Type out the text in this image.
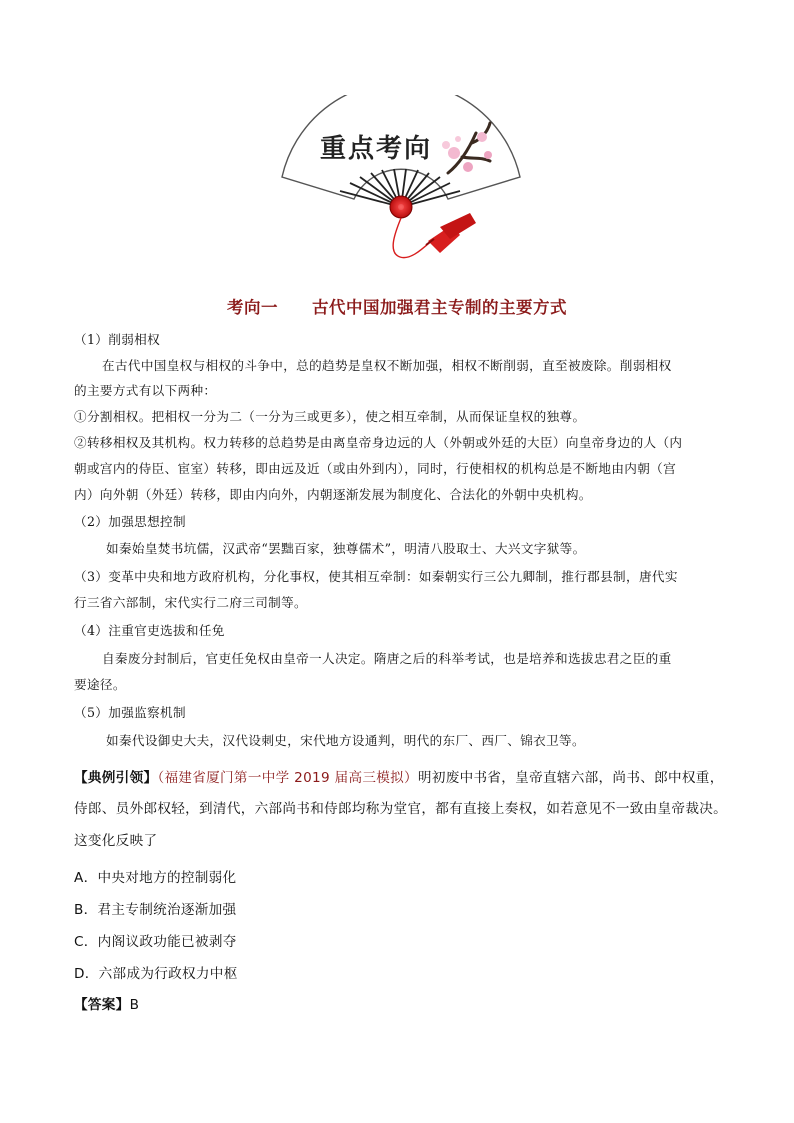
重点考向
考向一 古代中国加强君主专制的主要方式
（1）削弱相权
在古代中国皇权与相权的斗争中，总的趋势是皇权不断加强，相权不断削弱，直至被废除。削弱相权
的主要方式有以下两种：
①分割相权。把相权一分为二（一分为三或更多），使之相互牵制，从而保证皇权的独尊。
②转移相权及其机构。权力转移的总趋势是由离皇帝身边远的人（外朝或外廷的大臣）向皇帝身边的人（内
朝或宫内的侍臣、宦室）转移，即由远及近（或由外到内），同时，行使相权的机构总是不断地由内朝（宫
内）向外朝（外廷）转移，即由内向外，内朝逐渐发展为制度化、合法化的外朝中央机构。
（2）加强思想控制
如秦始皇焚书坑儒，汉武帝“罢黜百家，独尊儒术”，明清八股取士、大兴文字狱等。
（3）变革中央和地方政府机构，分化事权，使其相互牵制：如秦朝实行三公九卿制，推行郡县制，唐代实
行三省六部制，宋代实行二府三司制等。
（4）注重官吏选拔和任免
自秦废分封制后，官吏任免权由皇帝一人决定。隋唐之后的科举考试，也是培养和选拔忠君之臣的重
要途径。
（5）加强监察机制
如秦代设御史大夫，汉代设刺史，宋代地方设通判，明代的东厂、西厂、锦衣卫等。
【典例引领】（福建省厦门第一中学 2019 届高三模拟）明初废中书省，皇帝直辖六部，尚书、郎中权重，
侍郎、员外郎权轻，到清代，六部尚书和侍郎均称为堂官，都有直接上奏权，如若意见不一致由皇帝裁决。
这变化反映了
A．中央对地方的控制弱化
B．君主专制统治逐渐加强
C．内阁议政功能已被剥夺
D．六部成为行政权力中枢
【答案】B
